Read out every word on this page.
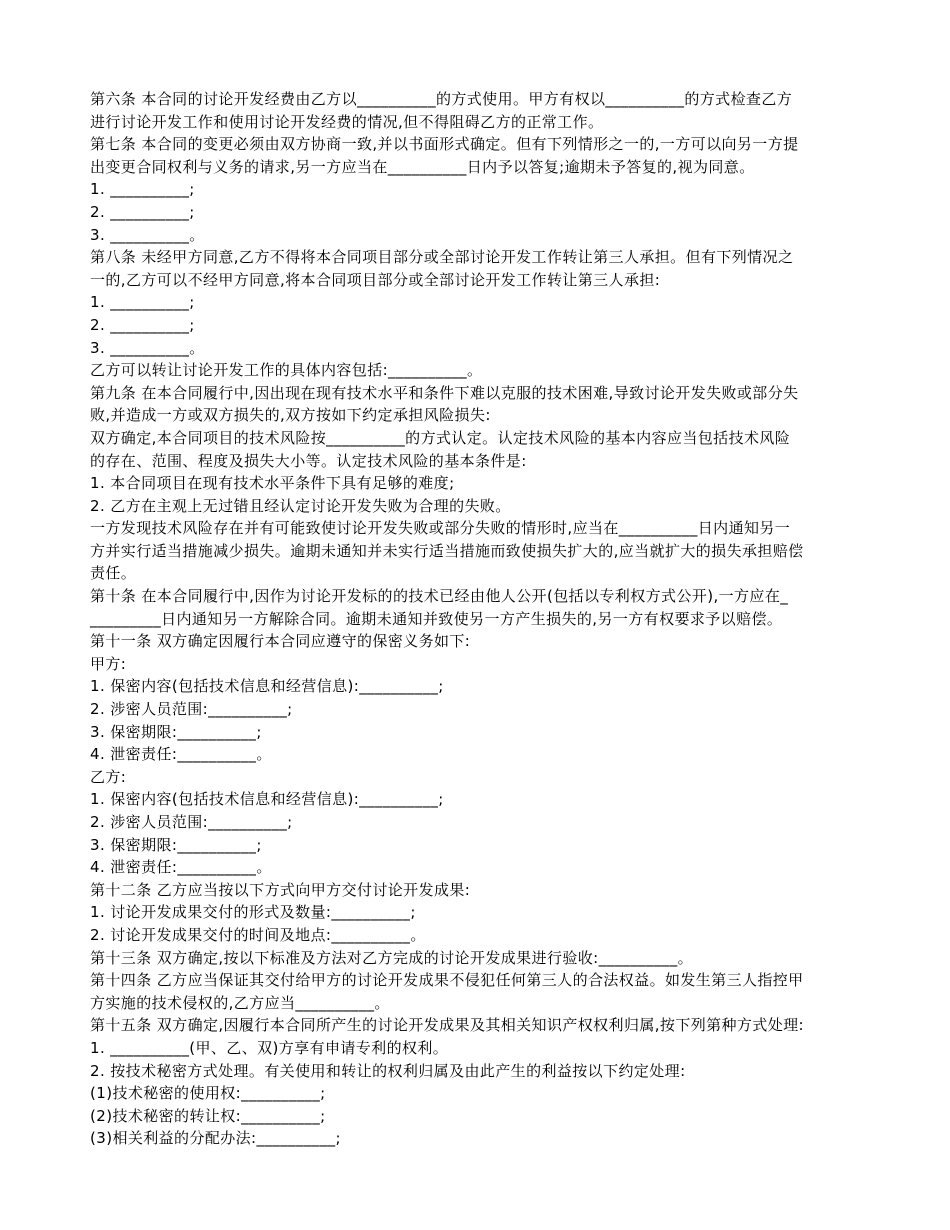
第六条 本合同的讨论开发经费由乙方以__________的方式使用。甲方有权以__________的方式检查乙方
进行讨论开发工作和使用讨论开发经费的情况,但不得阻碍乙方的正常工作。
第七条 本合同的变更必须由双方协商一致,并以书面形式确定。但有下列情形之一的,一方可以向另一方提
出变更合同权利与义务的请求,另一方应当在__________日内予以答复;逾期未予答复的,视为同意。
1. __________;
2. __________;
3. __________。
第八条 未经甲方同意,乙方不得将本合同项目部分或全部讨论开发工作转让第三人承担。但有下列情况之
一的,乙方可以不经甲方同意,将本合同项目部分或全部讨论开发工作转让第三人承担:
1. __________;
2. __________;
3. __________。
乙方可以转让讨论开发工作的具体内容包括:__________。
第九条 在本合同履行中,因出现在现有技术水平和条件下难以克服的技术困难,导致讨论开发失败或部分失
败,并造成一方或双方损失的,双方按如下约定承担风险损失:
双方确定,本合同项目的技术风险按__________的方式认定。认定技术风险的基本内容应当包括技术风险
的存在、范围、程度及损失大小等。认定技术风险的基本条件是:
1. 本合同项目在现有技术水平条件下具有足够的难度;
2. 乙方在主观上无过错且经认定讨论开发失败为合理的失败。
一方发现技术风险存在并有可能致使讨论开发失败或部分失败的情形时,应当在__________日内通知另一
方并实行适当措施减少损失。逾期未通知并未实行适当措施而致使损失扩大的,应当就扩大的损失承担赔偿
责任。
第十条 在本合同履行中,因作为讨论开发标的的技术已经由他人公开(包括以专利权方式公开),一方应在_
_________日内通知另一方解除合同。逾期未通知并致使另一方产生损失的,另一方有权要求予以赔偿。
第十一条 双方确定因履行本合同应遵守的保密义务如下:
甲方:
1. 保密内容(包括技术信息和经营信息):__________;
2. 涉密人员范围:__________;
3. 保密期限:__________;
4. 泄密责任:__________。
乙方:
1. 保密内容(包括技术信息和经营信息):__________;
2. 涉密人员范围:__________;
3. 保密期限:__________;
4. 泄密责任:__________。
第十二条 乙方应当按以下方式向甲方交付讨论开发成果:
1. 讨论开发成果交付的形式及数量:__________;
2. 讨论开发成果交付的时间及地点:__________。
第十三条 双方确定,按以下标准及方法对乙方完成的讨论开发成果进行验收:__________。
第十四条 乙方应当保证其交付给甲方的讨论开发成果不侵犯任何第三人的合法权益。如发生第三人指控甲
方实施的技术侵权的,乙方应当__________。
第十五条 双方确定,因履行本合同所产生的讨论开发成果及其相关知识产权权利归属,按下列第种方式处理:
1. __________(甲、乙、双)方享有申请专利的权利。
2. 按技术秘密方式处理。有关使用和转让的权利归属及由此产生的利益按以下约定处理:
(1)技术秘密的使用权:__________;
(2)技术秘密的转让权:__________;
(3)相关利益的分配办法:__________;
